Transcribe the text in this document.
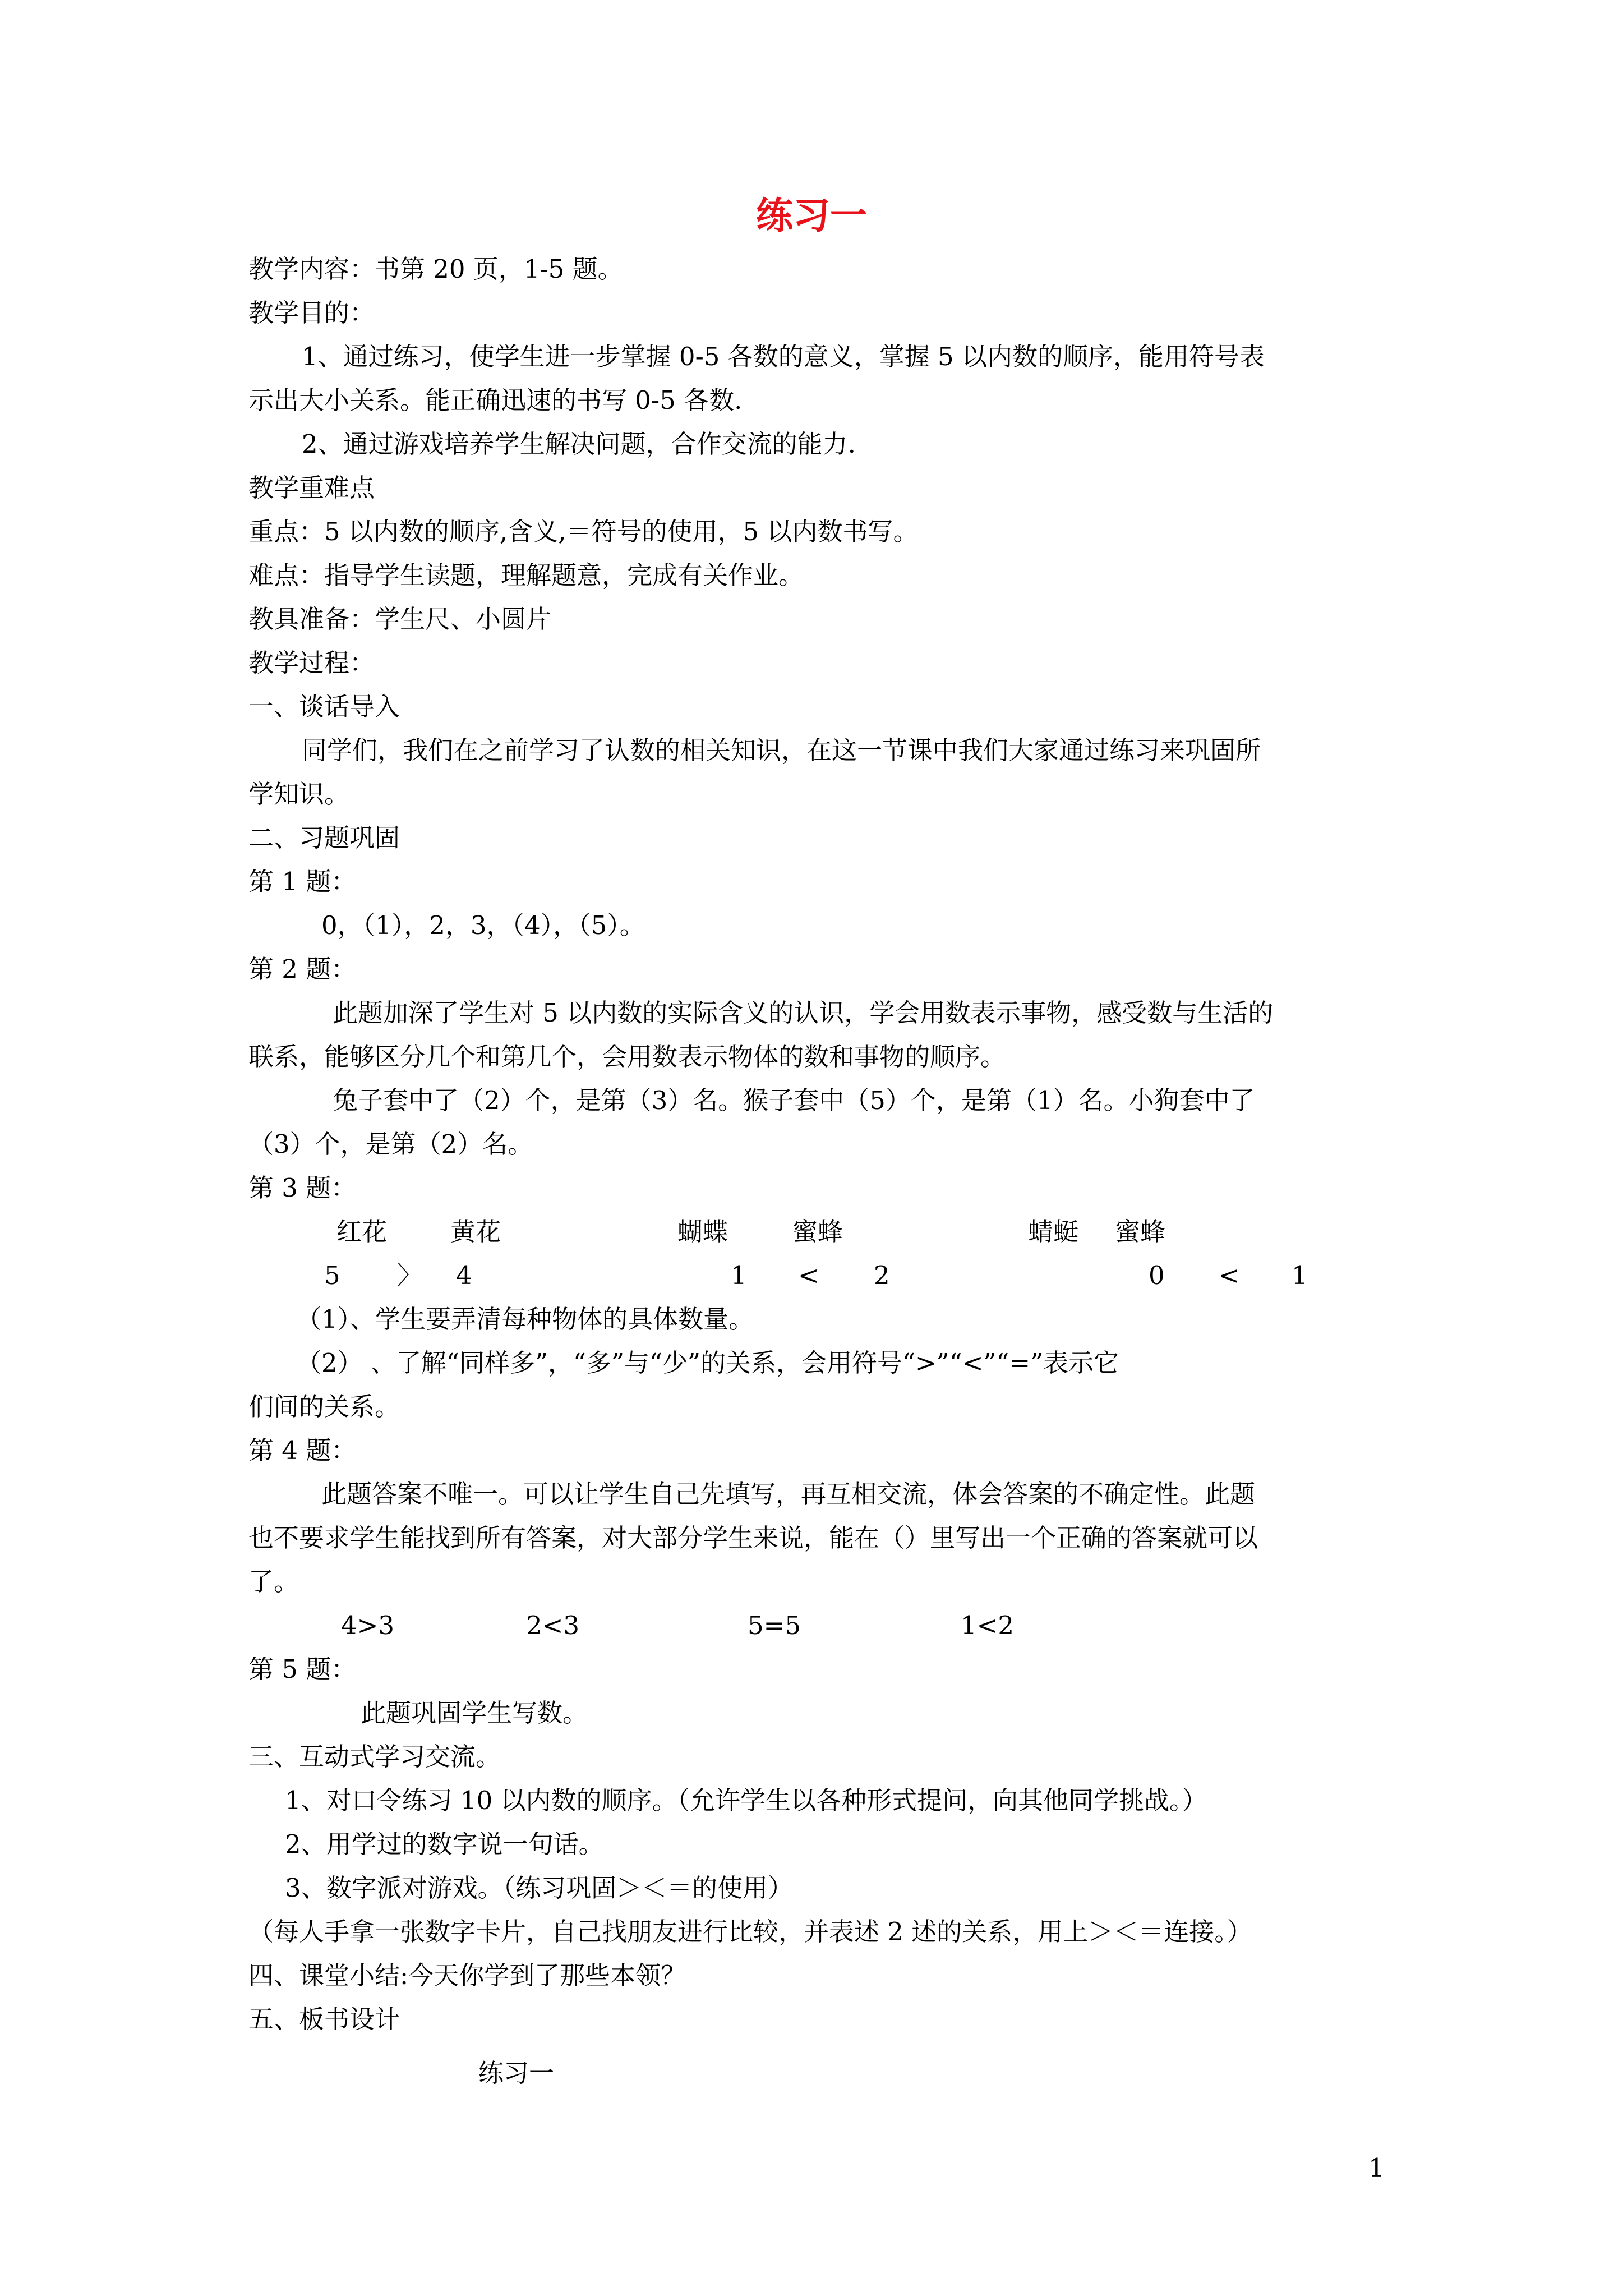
练习一
教学内容：书第 20 页，1-5 题。
教学目的：
1、通过练习，使学生进一步掌握 0-5 各数的意义，掌握 5 以内数的顺序，能用符号表
示出大小关系。能正确迅速的书写 0-5 各数.
2、通过游戏培养学生解决问题，合作交流的能力.
教学重难点
重点：5 以内数的顺序,含义,＝符号的使用，5 以内数书写。
难点：指导学生读题，理解题意，完成有关作业。
教具准备：学生尺、小圆片
教学过程：
一、谈话导入
同学们，我们在之前学习了认数的相关知识，在这一节课中我们大家通过练习来巩固所
学知识。
二、习题巩固
第 1 题：
0，（1），2，3，（4），（5）。
第 2 题：
此题加深了学生对 5 以内数的实际含义的认识，学会用数表示事物，感受数与生活的
联系，能够区分几个和第几个，会用数表示物体的数和事物的顺序。
兔子套中了（2）个，是第（3）名。猴子套中（5）个，是第（1）名。小狗套中了
（3）个，是第（2）名。
第 3 题：
红花	黄花	蝴蝶	蜜蜂	蜻蜓 蜜蜂
5 〉 4	1 < 2	0 < 1
（1）、学生要弄清每种物体的具体数量。
（2） 、了解“同样多”，“多”与“少”的关系，会用符号“>”“<”“=”表示它
们间的关系。
第 4 题：
此题答案不唯一。可以让学生自己先填写，再互相交流，体会答案的不确定性。此题
也不要求学生能找到所有答案，对大部分学生来说，能在（）里写出一个正确的答案就可以
了。
4>3	2<3	5=5	1<2
第 5 题：
此题巩固学生写数。
三、互动式学习交流。
1、对口令练习 10 以内数的顺序。（允许学生以各种形式提问，向其他同学挑战。）
2、用学过的数字说一句话。
3、数字派对游戏。（练习巩固＞＜＝的使用）
（每人手拿一张数字卡片，自己找朋友进行比较，并表述 2 述的关系，用上＞＜＝连接。）
四、课堂小结:今天你学到了那些本领？
五、板书设计
练习一
1
